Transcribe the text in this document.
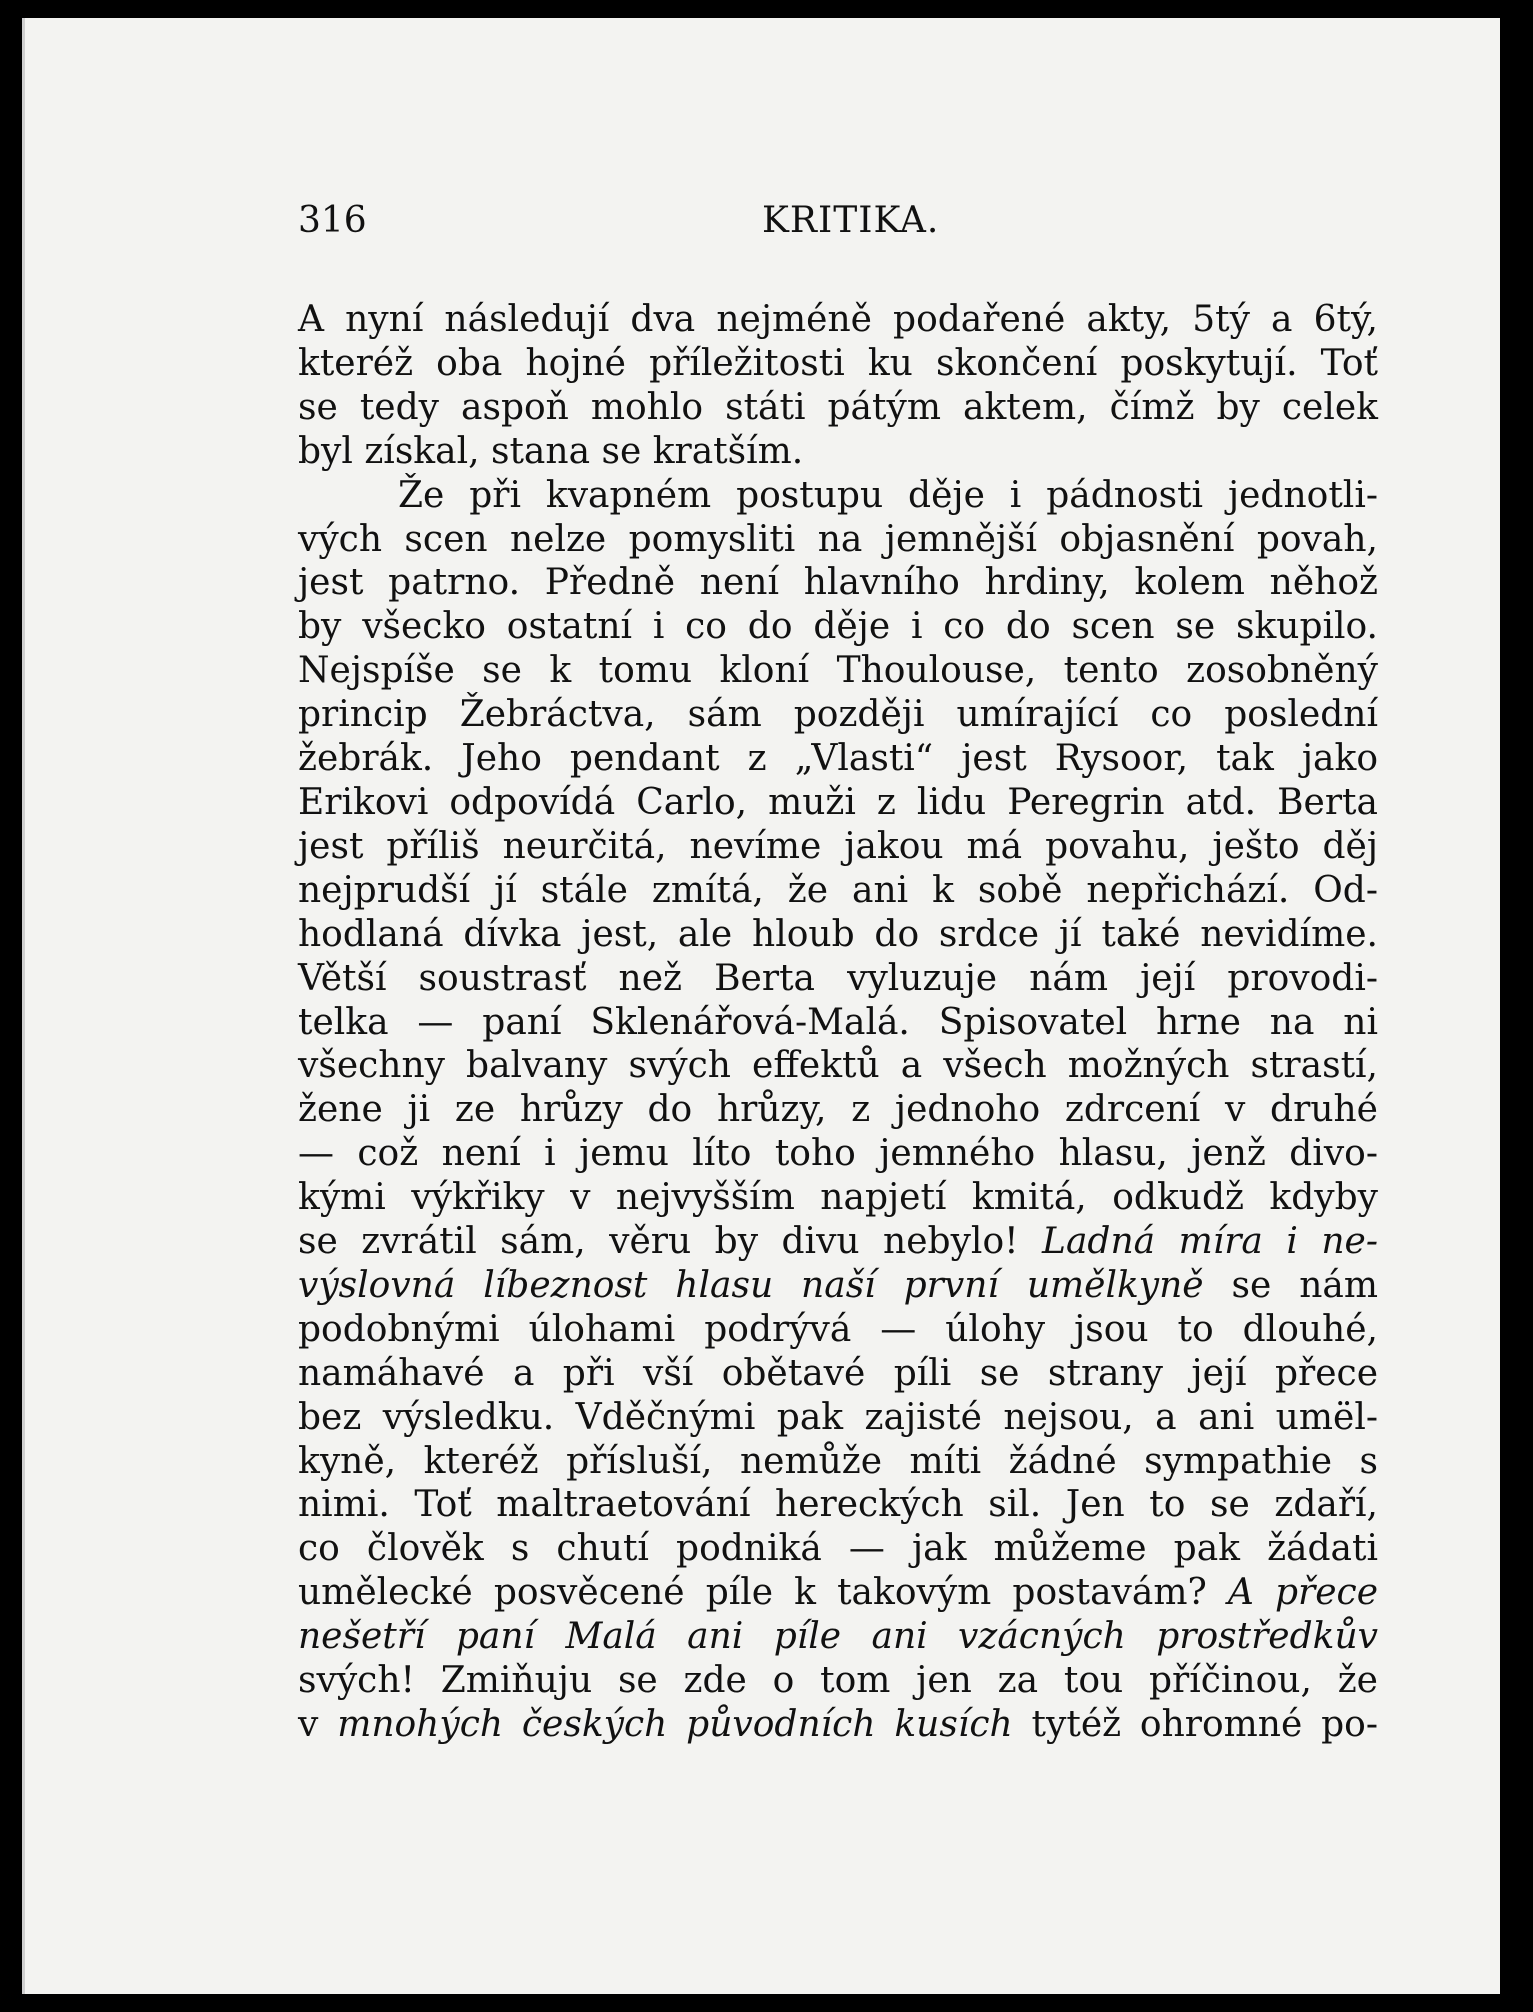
316	KRITIKA.
A nyní následují dva nejméně podařené akty, 5tý a 6tý,
kteréž oba hojné příležitosti ku skončení poskytují. Toť
se tedy aspoň mohlo státi pátým aktem, čímž by celek
byl získal, stana se kratším.
Že při kvapném postupu děje i pádnosti jednotli-
vých scen nelze pomysliti na jemnější objasnění povah,
jest patrno. Předně není hlavního hrdiny, kolem něhož
by všecko ostatní i co do děje i co do scen se skupilo.
Nejspíše se k tomu kloní Thoulouse, tento zosobněný
princip Žebráctva, sám později umírající co poslední
žebrák. Jeho pendant z „Vlasti“ jest Rysoor, tak jako
Erikovi odpovídá Carlo, muži z lidu Peregrin atd. Berta
jest příliš neurčitá, nevíme jakou má povahu, ješto děj
nejprudší jí stále zmítá, že ani k sobě nepřichází. Od-
hodlaná dívka jest, ale hloub do srdce jí také nevidíme.
Větší soustrasť než Berta vyluzuje nám její provodi-
telka — paní Sklenářová-Malá. Spisovatel hrne na ni
všechny balvany svých effektů a všech možných strastí,
žene ji ze hrůzy do hrůzy, z jednoho zdrcení v druhé
— což není i jemu líto toho jemného hlasu, jenž divo-
kými výkřiky v nejvyšším napjetí kmitá, odkudž kdyby
se zvrátil sám, věru by divu nebylo! Ladná míra i ne-
výslovná líbeznost hlasu naší první umělkyně se nám
podobnými úlohami podrývá — úlohy jsou to dlouhé,
namáhavé a při vší obětavé píli se strany její přece
bez výsledku. Vděčnými pak zajisté nejsou, a ani umël-
kyně, kteréž přísluší, nemůže míti žádné sympathie s
nimi. Toť maltraetování hereckých sil. Jen to se zdaří,
co člověk s chutí podniká — jak můžeme pak žádati
umělecké posvěcené píle k takovým postavám? A přece
nešetří paní Malá ani píle ani vzácných prostředkův
svých! Zmiňuju se zde o tom jen za tou příčinou, že
v mnohých českých původních kusích tytéž ohromné po-
